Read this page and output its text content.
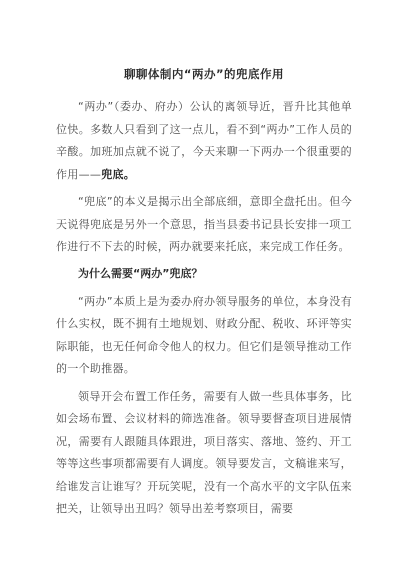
聊聊体制内“两办”的兜底作用

“两办”（委办、府办）公认的离领导近，晋升比其他单位快。多数人只看到了这一点儿，看不到“两办”工作人员的辛酸。加班加点就不说了，今天来聊一下两办一个很重要的作用——兜底。

“兜底”的本义是揭示出全部底细，意即全盘托出。但今天说得兜底是另外一个意思，指当县委书记县长安排一项工作进行不下去的时候，两办就要来托底，来完成工作任务。

为什么需要“两办”兜底？

“两办”本质上是为委办府办领导服务的单位，本身没有什么实权，既不拥有土地规划、财政分配、税收、环评等实际职能，也无任何命令他人的权力。但它们是领导推动工作的一个助推器。

领导开会布置工作任务，需要有人做一些具体事务，比如会场布置、会议材料的筛选准备。领导要督查项目进展情况，需要有人跟随具体跟进，项目落实、落地、签约、开工等等这些事项都需要有人调度。领导要发言，文稿谁来写，给谁发言让谁写？开玩笑呢，没有一个高水平的文字队伍来把关，让领导出丑吗？领导出差考察项目，需要
